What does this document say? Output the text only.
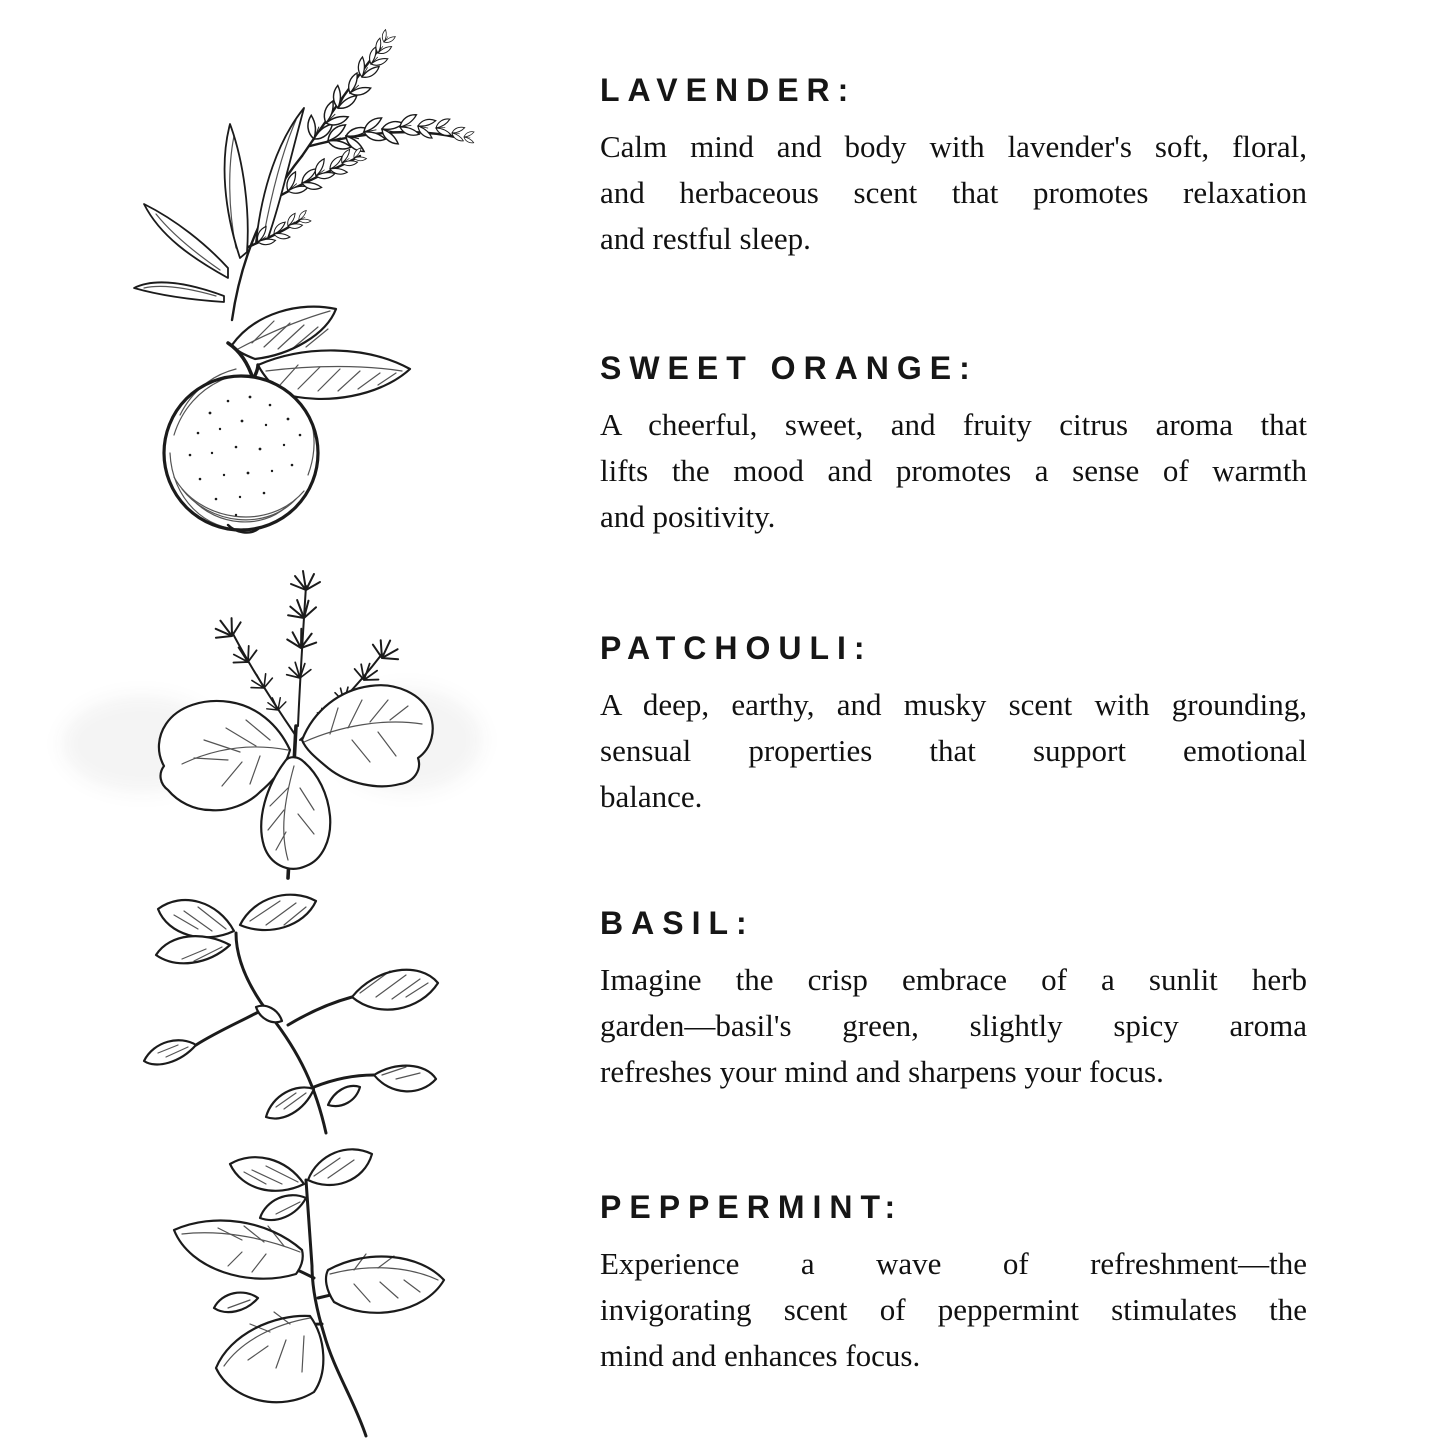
LAVENDER:
Calm mind and body with lavender's soft, floral,
and herbaceous scent that promotes relaxation
and restful sleep.
SWEET ORANGE:
A cheerful, sweet, and fruity citrus aroma that
lifts the mood and promotes a sense of warmth
and positivity.
PATCHOULI:
A deep, earthy, and musky scent with grounding,
sensual properties that support emotional
balance.
BASIL:
Imagine the crisp embrace of a sunlit herb
garden—basil's green, slightly spicy aroma
refreshes your mind and sharpens your focus.
PEPPERMINT:
Experience a wave of refreshment—the
invigorating scent of peppermint stimulates the
mind and enhances focus.
